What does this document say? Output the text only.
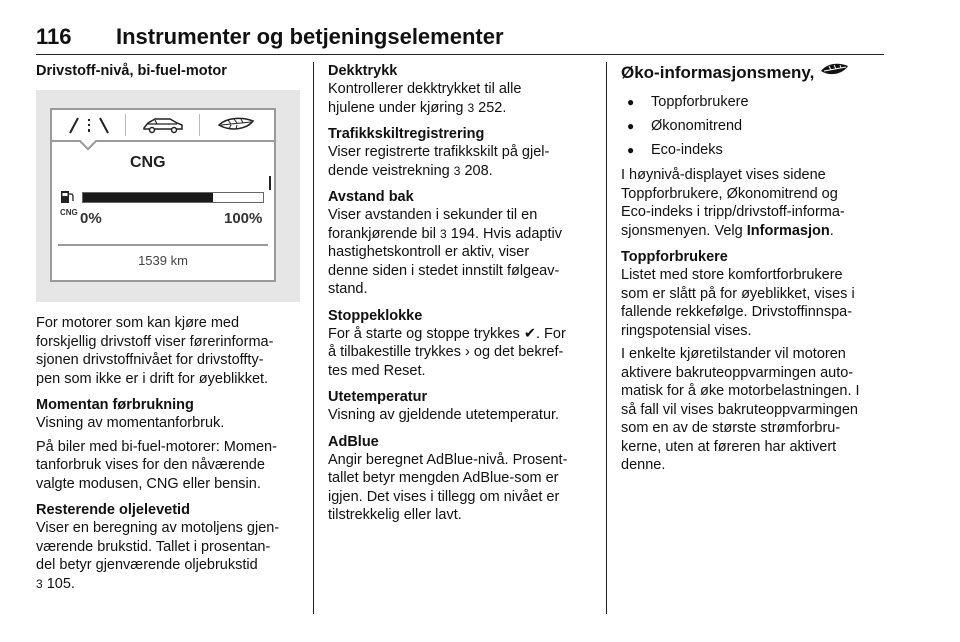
116 Instrumenter og betjeningselementer

Drivstoff-nivå, bi-fuel-motor

CNG
CNG 0%	100%
1539 km

For motorer som kan kjøre med
forskjellig drivstoff viser førerinforma-
sjonen drivstoffnivået for drivstoffty-
pen som ikke er i drift for øyeblikket.

Momentan førbrukning

Visning av momentanforbruk.

På biler med bi-fuel-motorer: Momen-
tanforbruk vises for den nåværende
valgte modusen, CNG eller bensin.

Resterende oljelevetid

Viser en beregning av motoljens gjen-
værende brukstid. Tallet i prosentan-
del betyr gjenværende oljebrukstid
3 105.

Dekktrykk

Kontrollerer dekktrykket til alle
hjulene under kjøring 3 252.

Trafikkskiltregistrering

Viser registrerte trafikkskilt på gjel-
dende veistrekning 3 208.

Avstand bak

Viser avstanden i sekunder til en
forankjørende bil 3 194. Hvis adaptiv
hastighetskontroll er aktiv, viser
denne siden i stedet innstilt følgeav-
stand.

Stoppeklokke

For å starte og stoppe trykkes ✔. For
å tilbakestille trykkes › og det bekref-
tes med Reset.

Utetemperatur

Visning av gjeldende utetemperatur.

AdBlue

Angir beregnet AdBlue-nivå. Prosent-
tallet betyr mengden AdBlue-som er
igjen. Det vises i tillegg om nivået er
tilstrekkelig eller lavt.

Øko-informasjonsmeny,

●	Toppforbrukere
●	Økonomitrend
●	Eco-indeks

I høynivå-displayet vises sidene
Toppforbrukere, Økonomitrend og
Eco-indeks i tripp/drivstoff-informa-
sjonsmenyen. Velg Informasjon.

Toppforbrukere

Listet med store komfortforbrukere
som er slått på for øyeblikket, vises i
fallende rekkefølge. Drivstoffinnspa-
ringspotensial vises.

I enkelte kjøretilstander vil motoren
aktivere bakruteoppvarmingen auto-
matisk for å øke motorbelastningen. I
så fall vil vises bakruteoppvarmingen
som en av de største strømforbru-
kerne, uten at føreren har aktivert
denne.
